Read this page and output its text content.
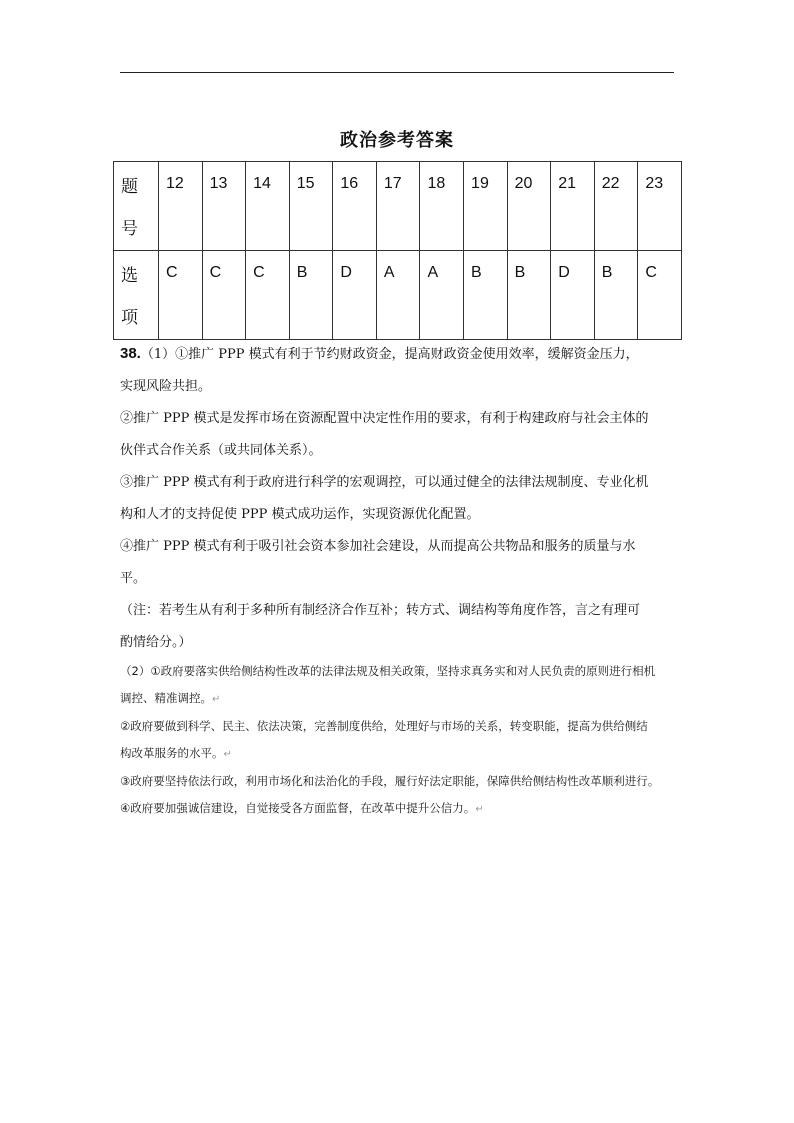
政治参考答案
题
号	12	13	14	15	16	17	18	19	20	21	22	23
选
项	C	C	C	B	D	A	A	B	B	D	B	C

38.（1）①推广 PPP 模式有利于节约财政资金，提高财政资金使用效率，缓解资金压力，

实现风险共担。

②推广 PPP 模式是发挥市场在资源配置中决定性作用的要求，有利于构建政府与社会主体的

伙伴式合作关系（或共同体关系）。

③推广 PPP 模式有利于政府进行科学的宏观调控，可以通过健全的法律法规制度、专业化机

构和人才的支持促使 PPP 模式成功运作，实现资源优化配置。

④推广 PPP 模式有利于吸引社会资本参加社会建设，从而提高公共物品和服务的质量与水

平。

（注：若考生从有利于多种所有制经济合作互补；转方式、调结构等角度作答，言之有理可

酌情给分。）

（2）①政府要落实供给侧结构性改革的法律法规及相关政策，坚持求真务实和对人民负责的原则进行相机

调控、精准调控。↵

②政府要做到科学、民主、依法决策，完善制度供给，处理好与市场的关系，转变职能，提高为供给侧结

构改革服务的水平。↵

③政府要坚持依法行政，利用市场化和法治化的手段，履行好法定职能，保障供给侧结构性改革顺利进行。

④政府要加强诚信建设，自觉接受各方面监督，在改革中提升公信力。↵
